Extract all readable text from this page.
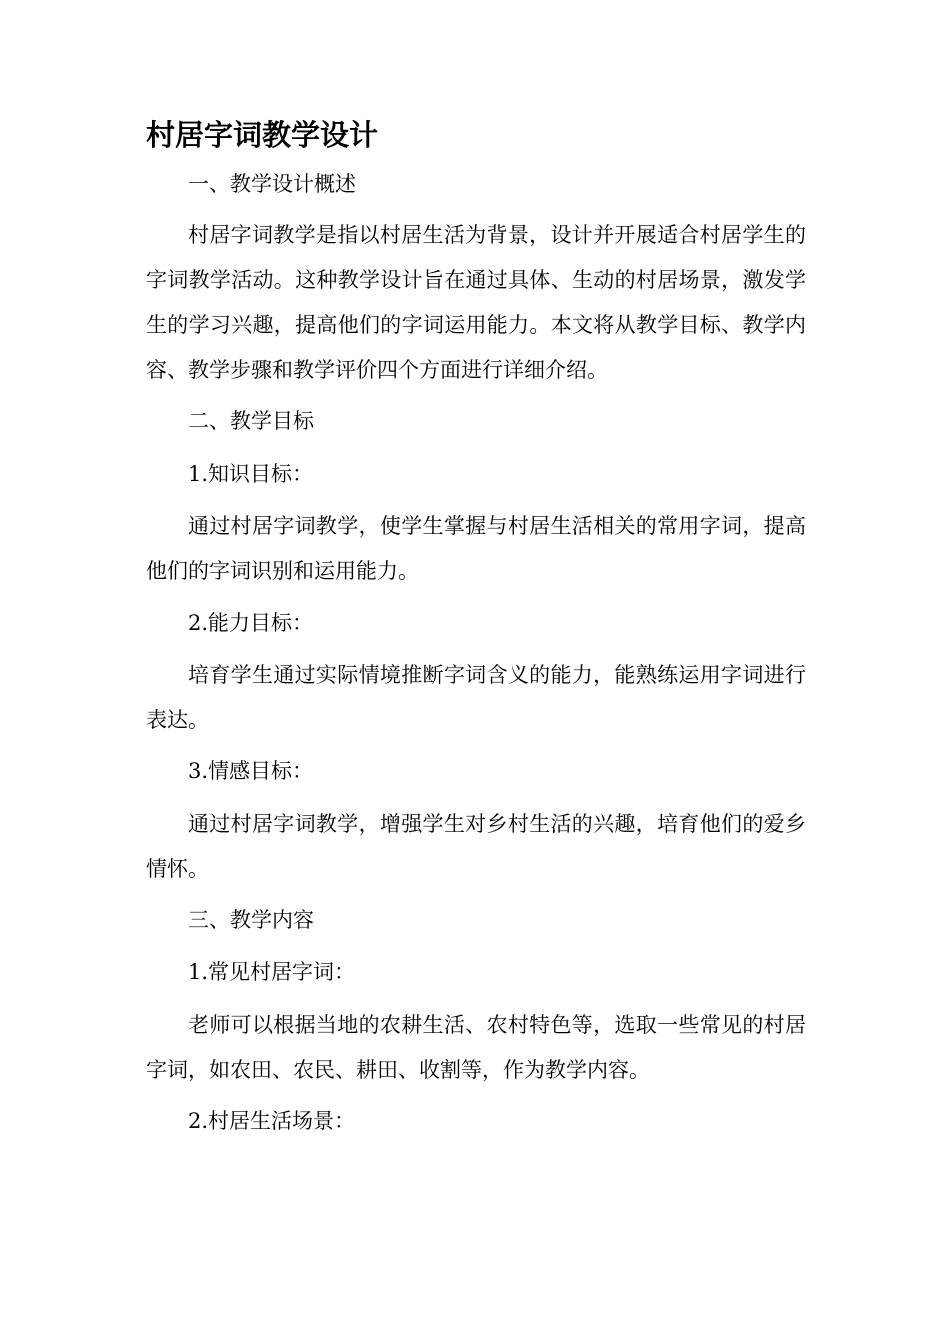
村居字词教学设计

一、教学设计概述

村居字词教学是指以村居生活为背景，设计并开展适合村居学生的字词教学活动。这种教学设计旨在通过具体、生动的村居场景，激发学生的学习兴趣，提高他们的字词运用能力。本文将从教学目标、教学内容、教学步骤和教学评价四个方面进行详细介绍。

二、教学目标

1.知识目标：

通过村居字词教学，使学生掌握与村居生活相关的常用字词，提高他们的字词识别和运用能力。

2.能力目标：

培育学生通过实际情境推断字词含义的能力，能熟练运用字词进行表达。

3.情感目标：

通过村居字词教学，增强学生对乡村生活的兴趣，培育他们的爱乡情怀。

三、教学内容

1.常见村居字词：

老师可以根据当地的农耕生活、农村特色等，选取一些常见的村居字词，如农田、农民、耕田、收割等，作为教学内容。

2.村居生活场景：
